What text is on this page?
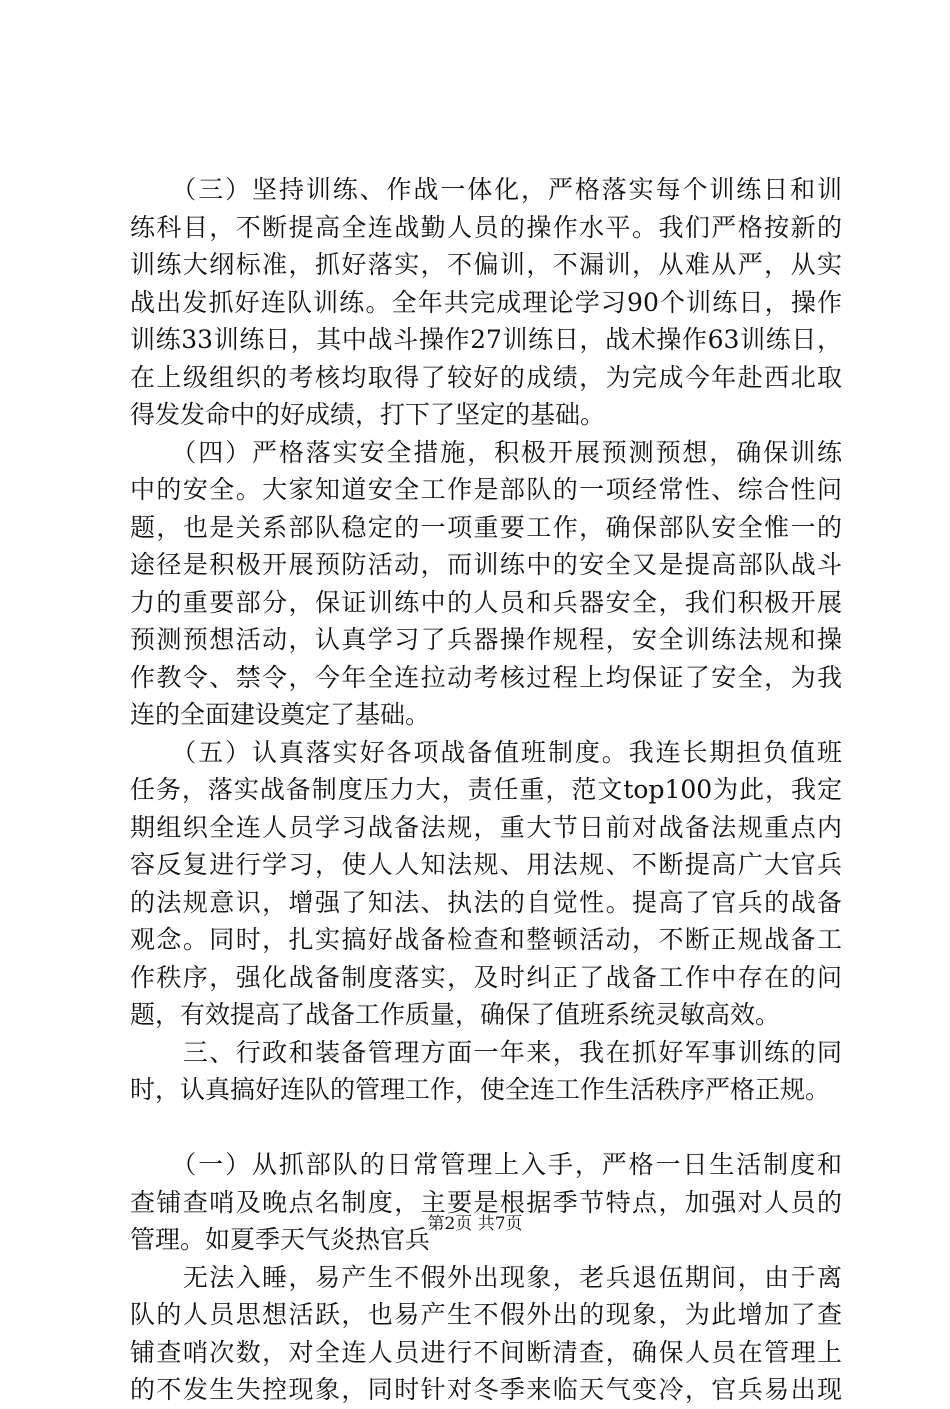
　　（三）坚持训练、作战一体化，严格落实每个训练日和训
练科目，不断提高全连战勤人员的操作水平。我们严格按新的
训练大纲标准，抓好落实，不偏训，不漏训，从难从严，从实
战出发抓好连队训练。全年共完成理论学习90个训练日，操作
训练33训练日，其中战斗操作27训练日，战术操作63训练日，
在上级组织的考核均取得了较好的成绩，为完成今年赴西北取
得发发命中的好成绩，打下了坚定的基础。
　　（四）严格落实安全措施，积极开展预测预想，确保训练
中的安全。大家知道安全工作是部队的一项经常性、综合性问
题，也是关系部队稳定的一项重要工作，确保部队安全惟一的
途径是积极开展预防活动，而训练中的安全又是提高部队战斗
力的重要部分，保证训练中的人员和兵器安全，我们积极开展
预测预想活动，认真学习了兵器操作规程，安全训练法规和操
作教令、禁令，今年全连拉动考核过程上均保证了安全，为我
连的全面建设奠定了基础。
　　（五）认真落实好各项战备值班制度。我连长期担负值班
任务，落实战备制度压力大，责任重，范文top100为此，我定
期组织全连人员学习战备法规，重大节日前对战备法规重点内
容反复进行学习，使人人知法规、用法规、不断提高广大官兵
的法规意识，增强了知法、执法的自觉性。提高了官兵的战备
观念。同时，扎实搞好战备检查和整顿活动，不断正规战备工
作秩序，强化战备制度落实，及时纠正了战备工作中存在的问
题，有效提高了战备工作质量，确保了值班系统灵敏高效。
　　三、行政和装备管理方面一年来，我在抓好军事训练的同
时，认真搞好连队的管理工作，使全连工作生活秩序严格正规。
　　（一）从抓部队的日常管理上入手，严格一日生活制度和
查铺查哨及晚点名制度，主要是根据季节特点，加强对人员的
管理。如夏季天气炎热官兵
　　无法入睡，易产生不假外出现象，老兵退伍期间，由于离
队的人员思想活跃，也易产生不假外出的现象，为此增加了查
铺查哨次数，对全连人员进行不间断清查，确保人员在管理上
的不发生失控现象，同时针对冬季来临天气变冷，官兵易出现
第2页 共7页
